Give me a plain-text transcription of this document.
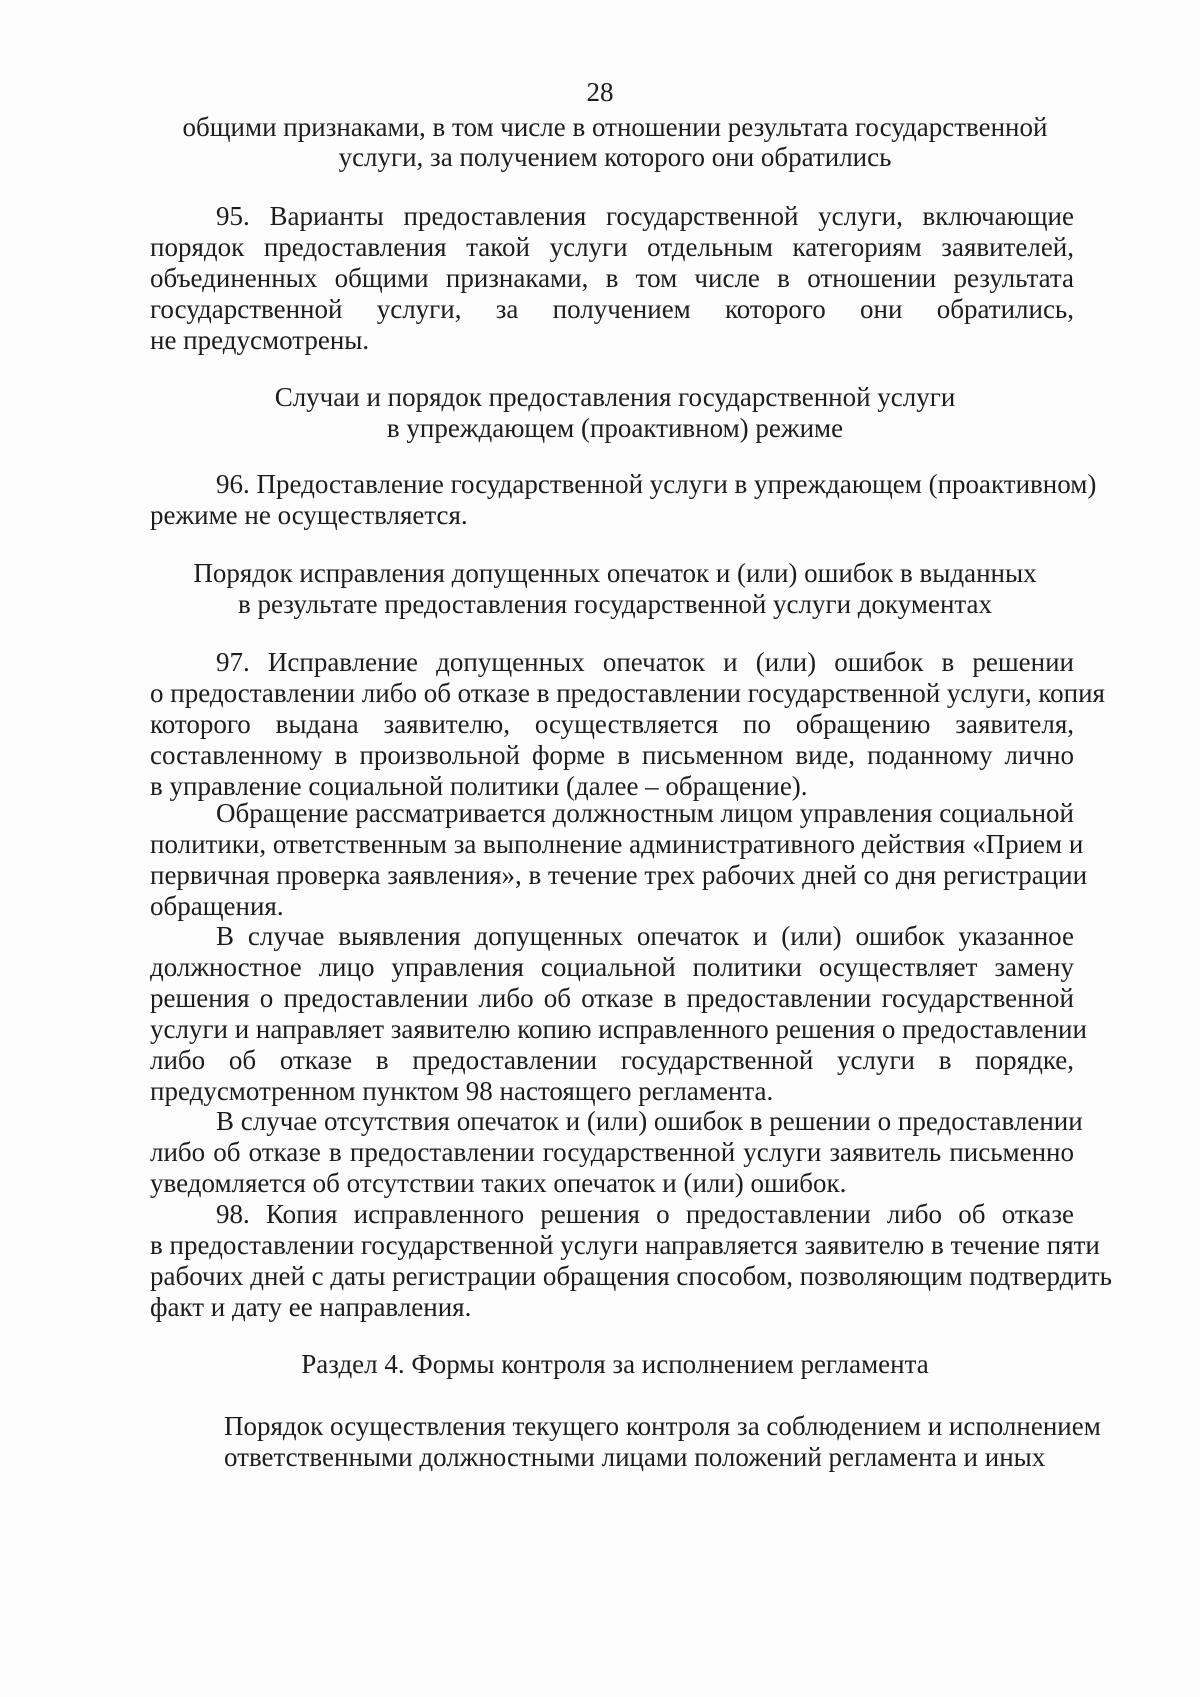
28
общими признаками, в том числе в отношении результата государственной
услуги, за получением которого они обратились
95. Варианты предоставления государственной услуги, включающие
порядок предоставления такой услуги отдельным категориям заявителей,
объединенных общими признаками, в том числе в отношении результата
государственной услуги, за получением которого они обратились,
не предусмотрены.
Случаи и порядок предоставления государственной услуги
в упреждающем (проактивном) режиме
96. Предоставление государственной услуги в упреждающем (проактивном)
режиме не осуществляется.
Порядок исправления допущенных опечаток и (или) ошибок в выданных
в результате предоставления государственной услуги документах
97. Исправление допущенных опечаток и (или) ошибок в решении
о предоставлении либо об отказе в предоставлении государственной услуги, копия
которого выдана заявителю, осуществляется по обращению заявителя,
составленному в произвольной форме в письменном виде, поданному лично
в управление социальной политики (далее – обращение).
Обращение рассматривается должностным лицом управления социальной
политики, ответственным за выполнение административного действия «Прием и
первичная проверка заявления», в течение трех рабочих дней со дня регистрации
обращения.
В случае выявления допущенных опечаток и (или) ошибок указанное
должностное лицо управления социальной политики осуществляет замену
решения о предоставлении либо об отказе в предоставлении государственной
услуги и направляет заявителю копию исправленного решения о предоставлении
либо об отказе в предоставлении государственной услуги в порядке,
предусмотренном пунктом 98 настоящего регламента.
В случае отсутствия опечаток и (или) ошибок в решении о предоставлении
либо об отказе в предоставлении государственной услуги заявитель письменно
уведомляется об отсутствии таких опечаток и (или) ошибок.
98. Копия исправленного решения о предоставлении либо об отказе
в предоставлении государственной услуги направляется заявителю в течение пяти
рабочих дней с даты регистрации обращения способом, позволяющим подтвердить
факт и дату ее направления.
Раздел 4. Формы контроля за исполнением регламента
Порядок осуществления текущего контроля за соблюдением и исполнением
ответственными должностными лицами положений регламента и иных
